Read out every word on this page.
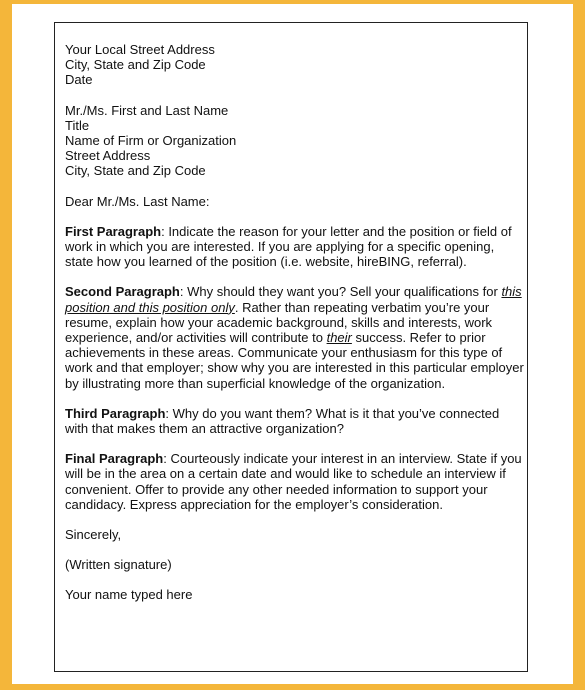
Your Local Street Address
City, State and Zip Code
Date
Mr./Ms. First and Last Name
Title
Name of Firm or Organization
Street Address
City, State and Zip Code

Dear Mr./Ms. Last Name:

First Paragraph: Indicate the reason for your letter and the position or field of work in which you are interested. If you are applying for a specific opening, state how you learned of the position (i.e. website, hireBING, referral).

Second Paragraph: Why should they want you? Sell your qualifications for this position and this position only. Rather than repeating verbatim you’re your resume, explain how your academic background, skills and interests, work experience, and/or activities will contribute to their success. Refer to prior achievements in these areas. Communicate your enthusiasm for this type of work and that employer; show why you are interested in this particular employer by illustrating more than superficial knowledge of the organization.

Third Paragraph: Why do you want them? What is it that you’ve connected with that makes them an attractive organization?

Final Paragraph: Courteously indicate your interest in an interview. State if you will be in the area on a certain date and would like to schedule an interview if convenient. Offer to provide any other needed information to support your candidacy. Express appreciation for the employer’s consideration.

Sincerely,

(Written signature)

Your name typed here
